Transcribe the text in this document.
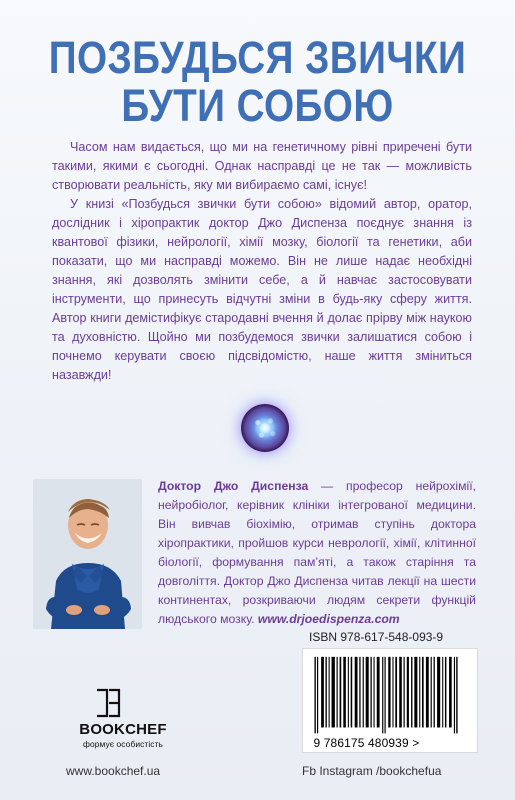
ПОЗБУДЬСЯ ЗВИЧКИ
БУТИ СОБОЮ

Часом нам видається, що ми на генетичному рівні приречені бути такими, якими є сьогодні. Однак насправді це не так — можливість створювати реальність, яку ми вибираємо самі, існує!

У книзі «Позбудься звички бути собою» відомий автор, оратор, дослідник і хіропрактик доктор Джо Диспенза поєднує знання із квантової фізики, нейрології, хімії мозку, біології та генетики, аби показати, що ми насправді можемо. Він не лише надає необхідні знання, які дозволять змінити себе, а й навчає застосовувати інструменти, що принесуть відчутні зміни в будь-яку сферу життя. Автор книги демістифікує стародавні вчення й долає прірву між наукою та духовністю. Щойно ми позбудемося звички залишатися собою і почнемо керувати своєю підсвідомістю, наше життя зміниться назавжди!

Доктор Джо Диспенза — професор нейрохімії, нейробіолог, керівник клініки інтегрованої медицини. Він вивчав біохімію, отримав ступінь доктора хіропрактики, пройшов курси неврології, хімії, клітинної біології, формування пам’яті, а також старіння та довголіття. Доктор Джо Диспенза читав лекції на шести континентах, розкриваючи людям секрети функцій людського мозку. www.drjoedispenza.com

BOOKCHEF
формує особистість
ISBN 978-617-548-093-9
9 786175 480939 >
www.bookchef.ua	Fb Instagram /bookchefua
